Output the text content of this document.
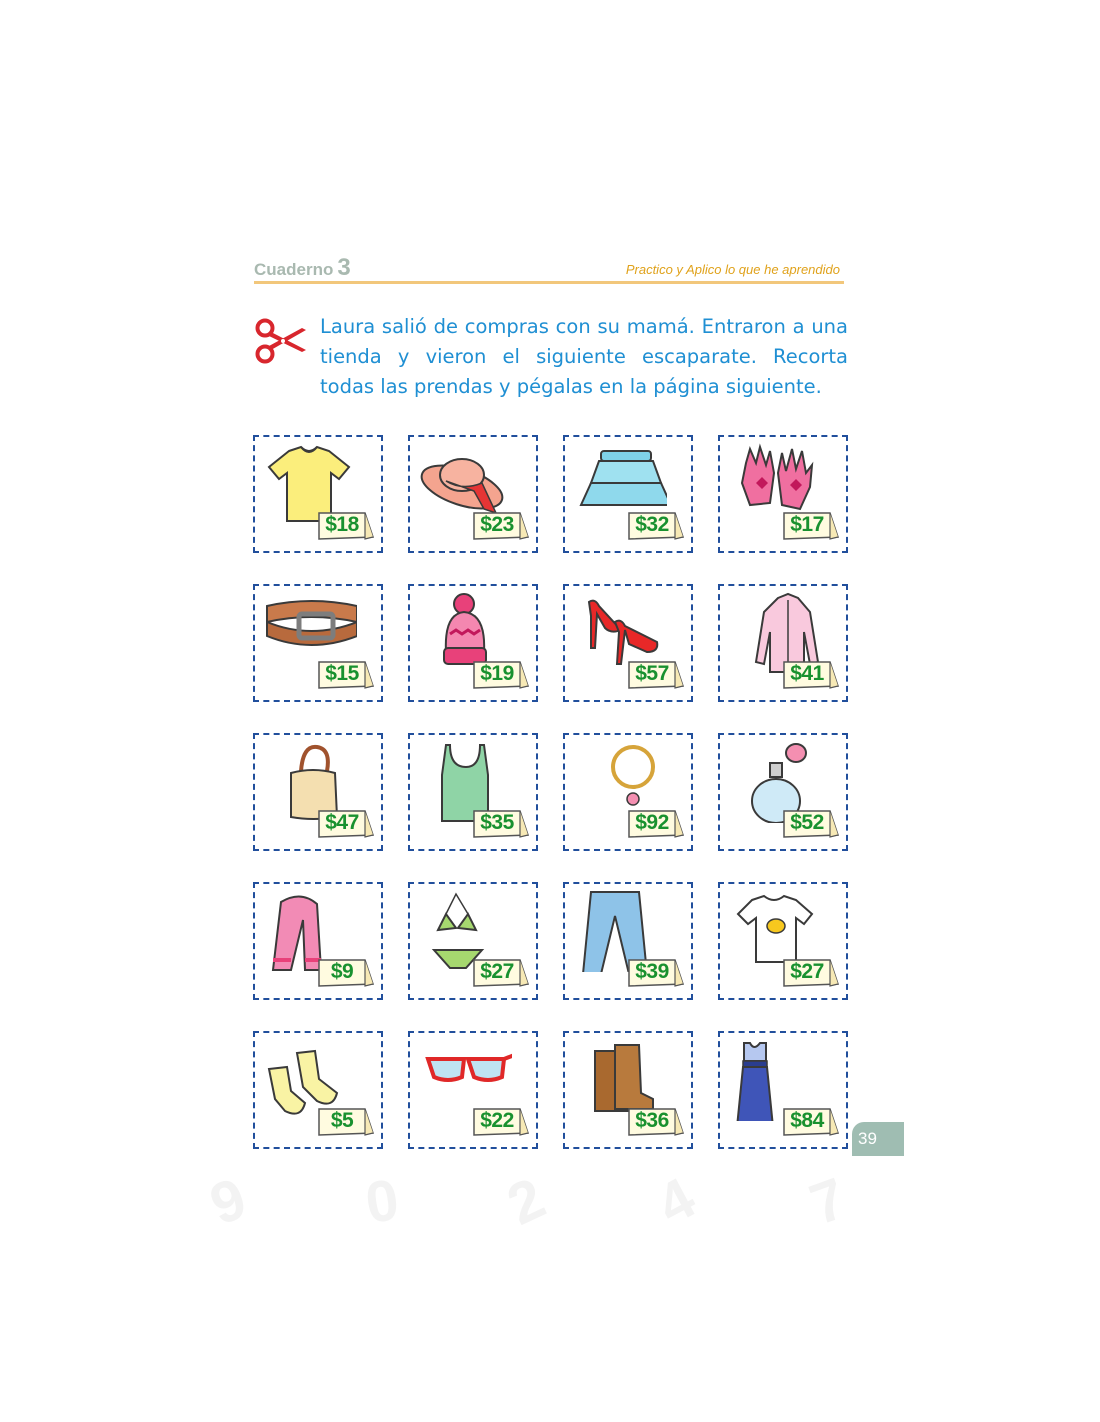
Cuaderno 3	Practico y Aplico lo que he aprendido
Laura salió de compras con su mamá. Entraron a una tienda y vieron el siguiente escaparate. Recorta todas las prendas y pégalas en la página siguiente.
$18	$23	$32	$17
$15	$19	$57	$41
$47	$35	$92	$52
$9	$27	$39	$27
$5	$22	$36	$84
39
9 0 2 4 7
